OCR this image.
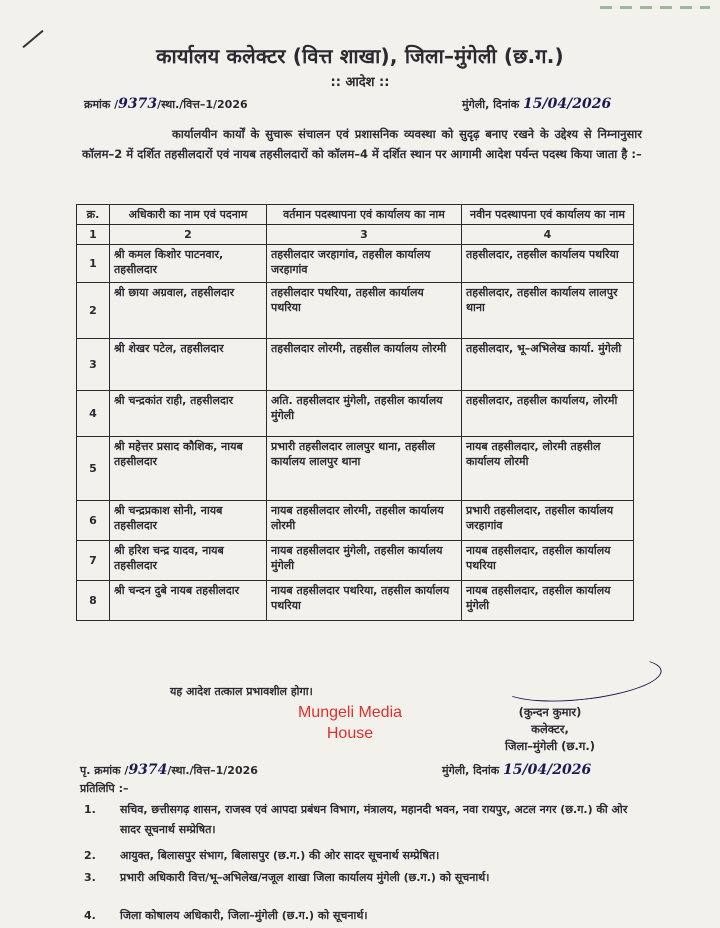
कार्यालय कलेक्टर (वित्त शाखा), जिला–मुंगेली (छ.ग.)
:: आदेश ::
क्रमांक /9373/स्था./वित्त–1/2026	मुंगेली, दिनांक 15/04/2026
कार्यालयीन कार्यों के सुचारू संचालन एवं प्रशासनिक व्यवस्था को सुदृढ़ बनाए रखने के उद्देश्य से निम्नानुसार कॉलम–2 में दर्शित तहसीलदारों एवं नायब तहसीलदारों को कॉलम–4 में दर्शित स्थान पर आगामी आदेश पर्यन्त पदस्थ किया जाता है :–
क्र.	अधिकारी का नाम एवं पदनाम	वर्तमान पदस्थापना एवं कार्यालय का नाम	नवीन पदस्थापना एवं कार्यालय का नाम
1	2	3	4
1	श्री कमल किशोर पाटनवार, तहसीलदार	तहसीलदार जरहागांव, तहसील कार्यालय जरहागांव	तहसीलदार, तहसील कार्यालय पथरिया
2	श्री छाया अग्रवाल, तहसीलदार	तहसीलदार पथरिया, तहसील कार्यालय पथरिया	तहसीलदार, तहसील कार्यालय लालपुर थाना
3	श्री शेखर पटेल, तहसीलदार	तहसीलदार लोरमी, तहसील कार्यालय लोरमी	तहसीलदार, भू–अभिलेख कार्या. मुंगेली
4	श्री चन्द्रकांत राही, तहसीलदार	अति. तहसीलदार मुंगेली, तहसील कार्यालय मुंगेली	तहसीलदार, तहसील कार्यालय, लोरमी
5	श्री महेत्तर प्रसाद कौशिक, नायब तहसीलदार	प्रभारी तहसीलदार लालपुर थाना, तहसील कार्यालय लालपुर थाना	नायब तहसीलदार, लोरमी तहसील कार्यालय लोरमी
6	श्री चन्द्रप्रकाश सोनी, नायब तहसीलदार	नायब तहसीलदार लोरमी, तहसील कार्यालय लोरमी	प्रभारी तहसीलदार, तहसील कार्यालय जरहागांव
7	श्री हरिश चन्द्र यादव, नायब तहसीलदार	नायब तहसीलदार मुंगेली, तहसील कार्यालय मुंगेली	नायब तहसीलदार, तहसील कार्यालय पथरिया
8	श्री चन्दन दुबे नायब तहसीलदार	नायब तहसीलदार पथरिया, तहसील कार्यालय पथरिया	नायब तहसीलदार, तहसील कार्यालय मुंगेली
यह आदेश तत्काल प्रभावशील होगा।
Mungeli Media House
(कुन्दन कुमार)
कलेक्टर,
जिला–मुंगेली (छ.ग.)
पृ. क्रमांक /9374/स्था./वित्त–1/2026	मुंगेली, दिनांक 15/04/2026
प्रतिलिपि :–
1. सचिव, छत्तीसगढ़ शासन, राजस्व एवं आपदा प्रबंधन विभाग, मंत्रालय, महानदी भवन, नवा रायपुर, अटल नगर (छ.ग.) की ओर सादर सूचनार्थ सम्प्रेषित।
2. आयुक्त, बिलासपुर संभाग, बिलासपुर (छ.ग.) की ओर सादर सूचनार्थ सम्प्रेषित।
3. प्रभारी अधिकारी वित्त/भू–अभिलेख/नजूल शाखा जिला कार्यालय मुंगेली (छ.ग.) को सूचनार्थ।
4. जिला कोषालय अधिकारी, जिला–मुंगेली (छ.ग.) को सूचनार्थ।
